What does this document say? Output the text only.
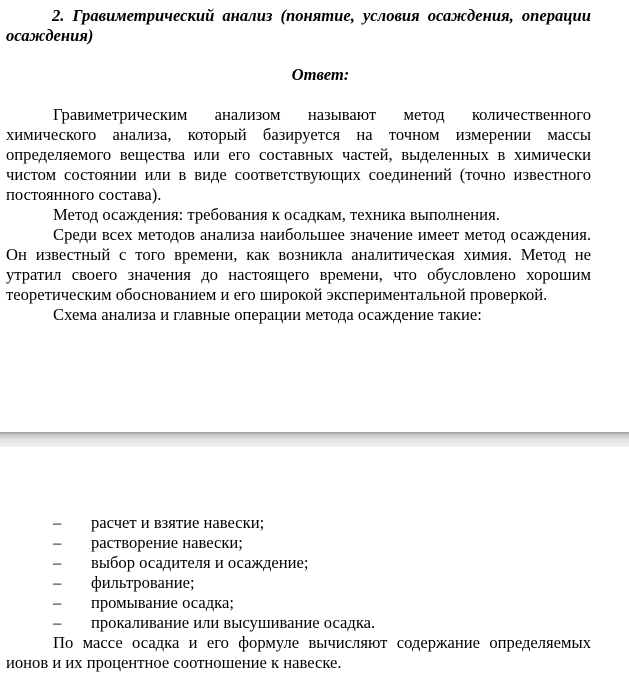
2. Гравиметрический анализ (понятие, условия осаждения, операции осаждения)
Ответ:

Гравиметрическим анализом называют метод количественного химического анализа, который базируется на точном измерении массы определяемого вещества или его составных частей, выделенных в химически чистом состоянии или в виде соответствующих соединений (точно известного постоянного состава).

Метод осаждения: требования к осадкам, техника выполнения.

Среди всех методов анализа наибольшее значение имеет метод осаждения. Он известный с того времени, как возникла аналитическая химия. Метод не утратил своего значения до настоящего времени, что обусловлено хорошим теоретическим обоснованием и его широкой экспериментальной проверкой.

Схема анализа и главные операции метода осаждение такие:

– расчет и взятие навески;
– растворение навески;
– выбор осадителя и осаждение;
– фильтрование;
– промывание осадка;
– прокаливание или высушивание осадка.

По массе осадка и его формуле вычисляют содержание определяемых ионов и их процентное соотношение к навеске.
